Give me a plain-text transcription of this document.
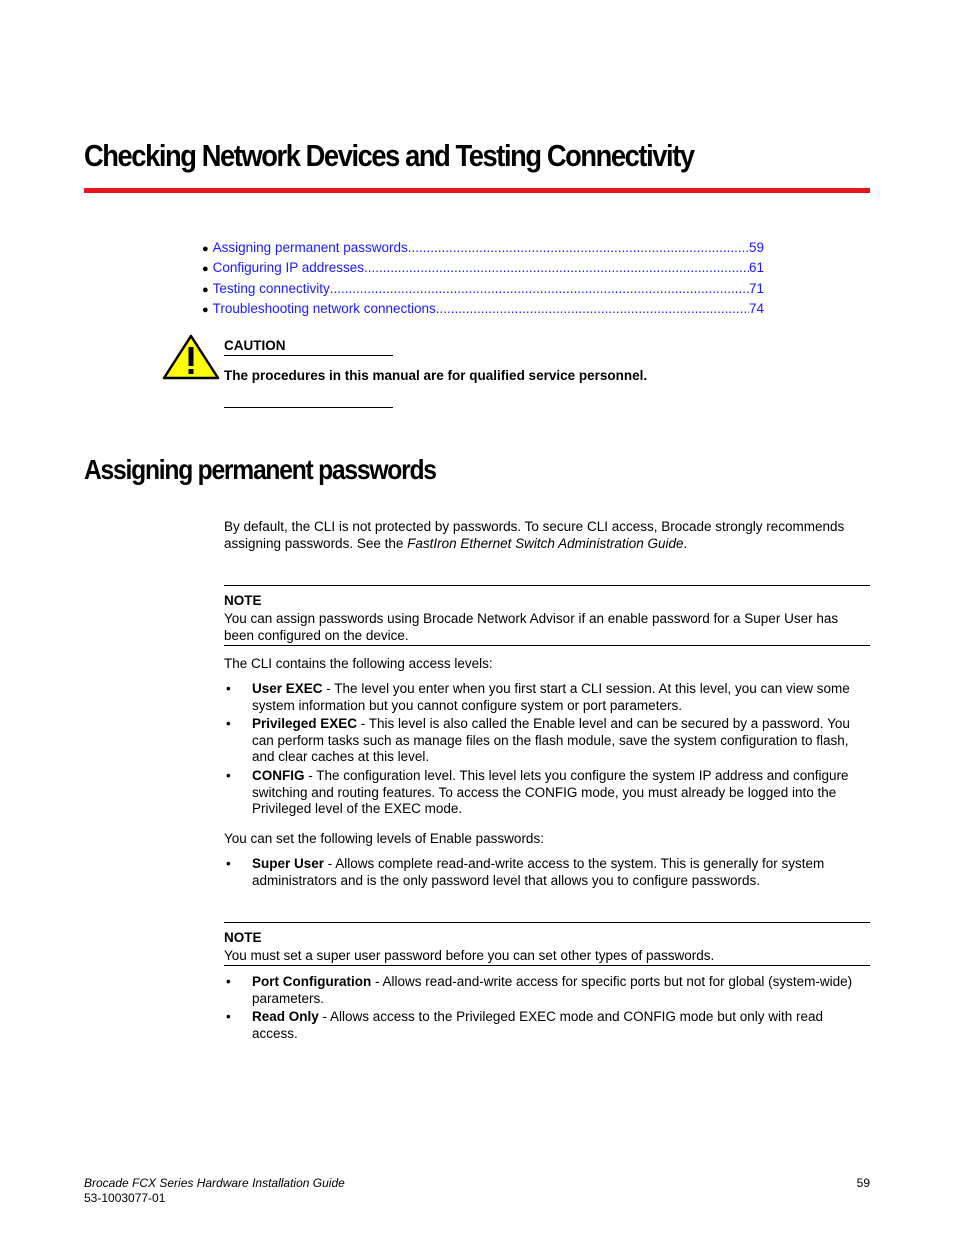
Checking Network Devices and Testing Connectivity
● Assigning permanent passwords .....	59
● Configuring IP addresses .....	61
● Testing connectivity .....	71
● Troubleshooting network connections .....	74
CAUTION
The procedures in this manual are for qualified service personnel.
Assigning permanent passwords
By default, the CLI is not protected by passwords. To secure CLI access, Brocade strongly recommends assigning passwords. See the FastIron Ethernet Switch Administration Guide.
NOTE
You can assign passwords using Brocade Network Advisor if an enable password for a Super User has been configured on the device.
The CLI contains the following access levels:
• User EXEC - The level you enter when you first start a CLI session. At this level, you can view some system information but you cannot configure system or port parameters.
• Privileged EXEC - This level is also called the Enable level and can be secured by a password. You can perform tasks such as manage files on the flash module, save the system configuration to flash, and clear caches at this level.
• CONFIG - The configuration level. This level lets you configure the system IP address and configure switching and routing features. To access the CONFIG mode, you must already be logged into the Privileged level of the EXEC mode.
You can set the following levels of Enable passwords:
• Super User - Allows complete read-and-write access to the system. This is generally for system administrators and is the only password level that allows you to configure passwords.
NOTE
You must set a super user password before you can set other types of passwords.
• Port Configuration - Allows read-and-write access for specific ports but not for global (system-wide) parameters.
• Read Only - Allows access to the Privileged EXEC mode and CONFIG mode but only with read access.
Brocade FCX Series Hardware Installation Guide
53-1003077-01
59
